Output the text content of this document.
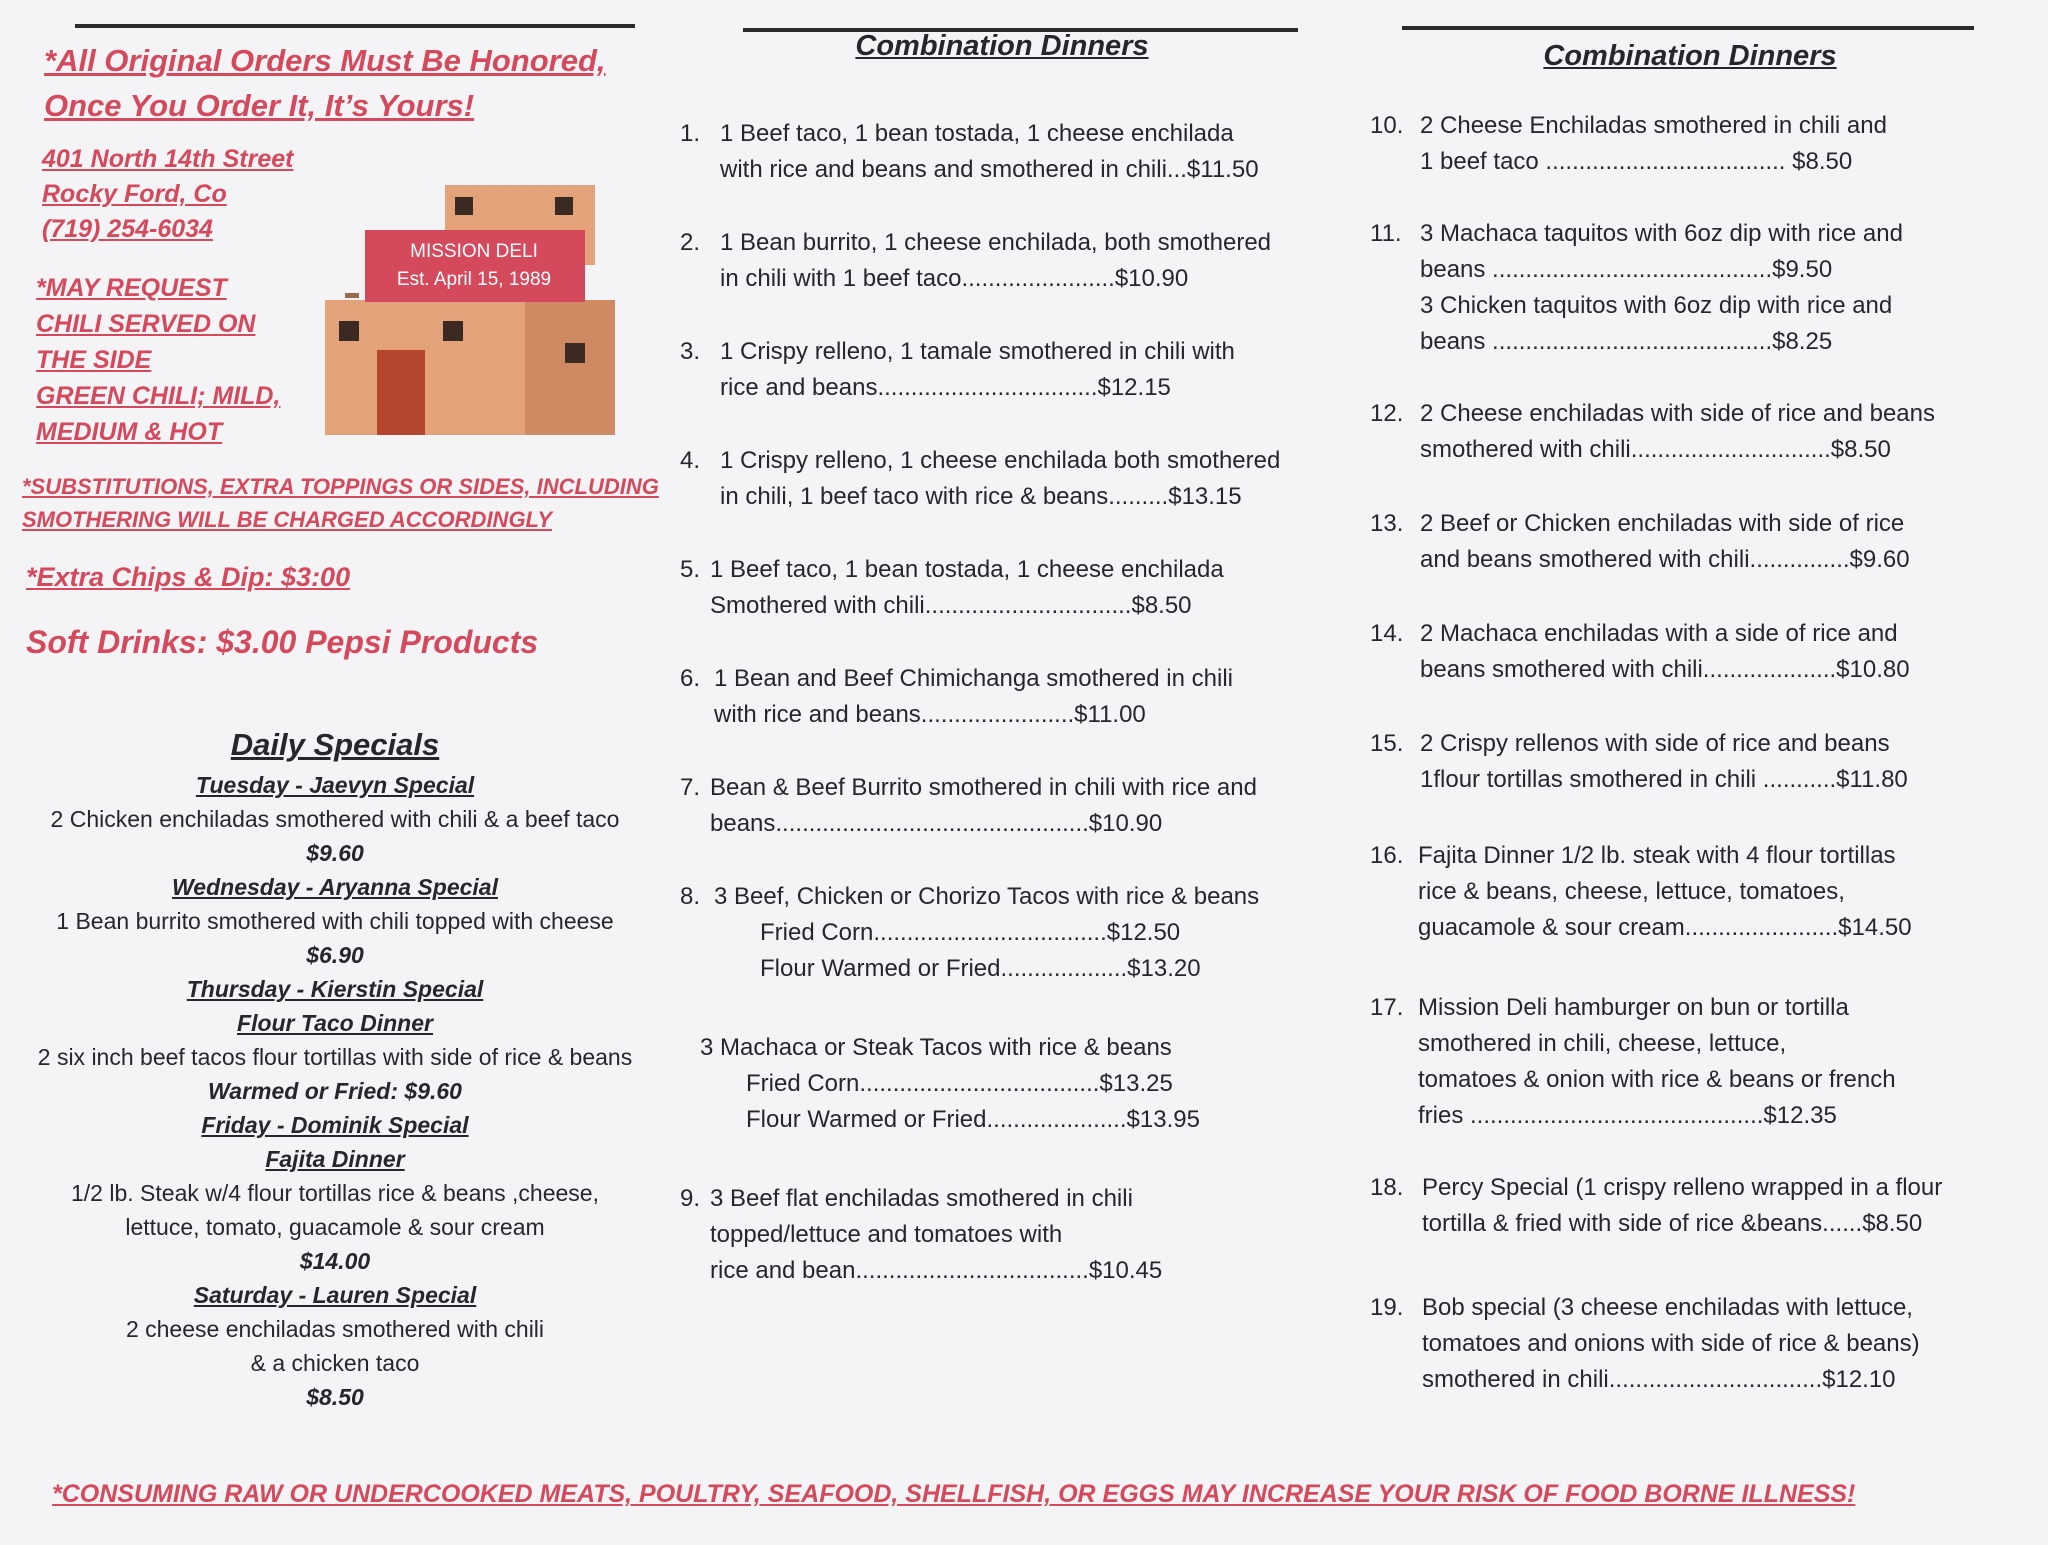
*All Original Orders Must Be Honored,
Once You Order It, It’s Yours!
401 North 14th Street
Rocky Ford, Co
(719) 254-6034
*MAY REQUEST
CHILI SERVED ON
THE SIDE
GREEN CHILI; MILD,
MEDIUM & HOT
MISSION DELI
Est. April 15, 1989
*SUBSTITUTIONS, EXTRA TOPPINGS OR SIDES, INCLUDING
SMOTHERING WILL BE CHARGED ACCORDINGLY
*Extra Chips & Dip: $3:00
Soft Drinks: $3.00 Pepsi Products
Daily Specials
Tuesday - Jaevyn Special
2 Chicken enchiladas smothered with chili & a beef taco
$9.60
Wednesday - Aryanna Special
1 Bean burrito smothered with chili topped with cheese
$6.90
Thursday - Kierstin Special
Flour Taco Dinner
2 six inch beef tacos flour tortillas with side of rice & beans
Warmed or Fried: $9.60
Friday - Dominik Special
Fajita Dinner
1/2 lb. Steak w/4 flour tortillas rice & beans ,cheese,
lettuce, tomato, guacamole & sour cream
$14.00
Saturday - Lauren Special
2 cheese enchiladas smothered with chili
& a chicken taco
$8.50
Combination Dinners
1. 1 Beef taco, 1 bean tostada, 1 cheese enchilada
with rice and beans and smothered in chili...$11.50
2. 1 Bean burrito, 1 cheese enchilada, both smothered
in chili with 1 beef taco.......................$10.90
3. 1 Crispy relleno, 1 tamale smothered in chili with
rice and beans.................................$12.15
4. 1 Crispy relleno, 1 cheese enchilada both smothered
in chili, 1 beef taco with rice & beans.........$13.15
5. 1 Beef taco, 1 bean tostada, 1 cheese enchilada
Smothered with chili...............................$8.50
6. 1 Bean and Beef Chimichanga smothered in chili
with rice and beans.......................$11.00
7. Bean & Beef Burrito smothered in chili with rice and
beans...............................................$10.90
8. 3 Beef, Chicken or Chorizo Tacos with rice & beans
Fried Corn...................................$12.50
Flour Warmed or Fried...................$13.20
3 Machaca or Steak Tacos with rice & beans
Fried Corn....................................$13.25
Flour Warmed or Fried.....................$13.95
9. 3 Beef flat enchiladas smothered in chili
topped/lettuce and tomatoes with
rice and bean...................................$10.45
Combination Dinners
10. 2 Cheese Enchiladas smothered in chili and
1 beef taco .................................... $8.50
11. 3 Machaca taquitos with 6oz dip with rice and
beans ..........................................$9.50
3 Chicken taquitos with 6oz dip with rice and
beans ..........................................$8.25
12. 2 Cheese enchiladas with side of rice and beans
smothered with chili..............................$8.50
13. 2 Beef or Chicken enchiladas with side of rice
and beans smothered with chili...............$9.60
14. 2 Machaca enchiladas with a side of rice and
beans smothered with chili....................$10.80
15. 2 Crispy rellenos with side of rice and beans
1flour tortillas smothered in chili ...........$11.80
16. Fajita Dinner 1/2 lb. steak with 4 flour tortillas
rice & beans, cheese, lettuce, tomatoes,
guacamole & sour cream.......................$14.50
17. Mission Deli hamburger on bun or tortilla
smothered in chili, cheese, lettuce,
tomatoes & onion with rice & beans or french
fries ............................................$12.35
18. Percy Special (1 crispy relleno wrapped in a flour
tortilla & fried with side of rice &beans......$8.50
19. Bob special (3 cheese enchiladas with lettuce,
tomatoes and onions with side of rice & beans)
smothered in chili................................$12.10
*CONSUMING RAW OR UNDERCOOKED MEATS, POULTRY, SEAFOOD, SHELLFISH, OR EGGS MAY INCREASE YOUR RISK OF FOOD BORNE ILLNESS!
